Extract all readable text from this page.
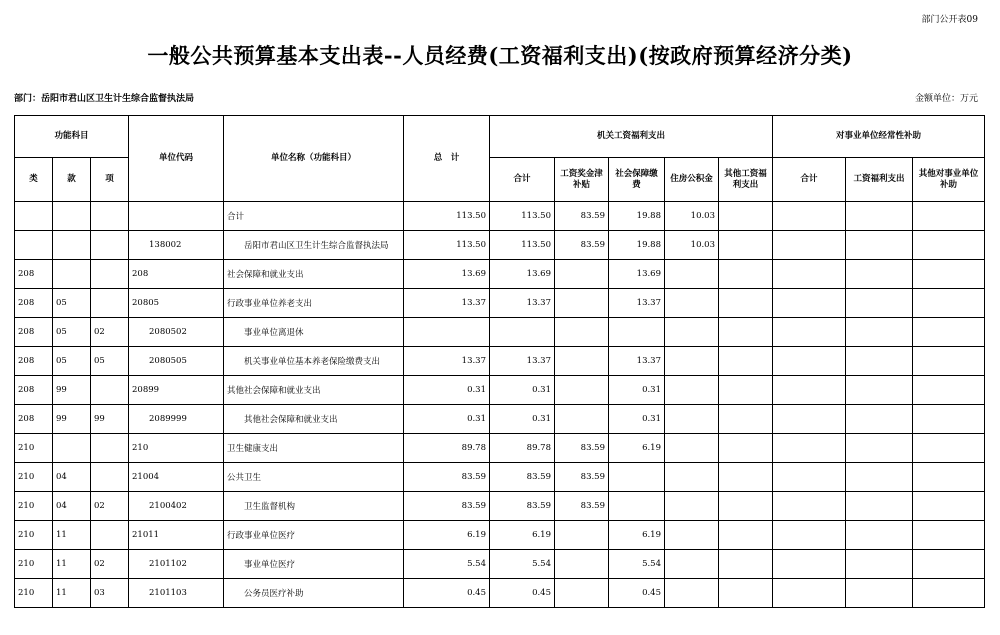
部门公开表09
一般公共预算基本支出表--人员经费(工资福利支出)(按政府预算经济分类)
部门：岳阳市君山区卫生计生综合监督执法局	金额单位：万元
功能科目			单位代码	单位名称（功能科目）	总　计	机关工资福利支出					对事业单位经常性补助		
类	款	项				合计	工资奖金津补贴	社会保障缴费	住房公积金	其他工资福利支出	合计	工资福利支出	其他对事业单位补助
				合计	113.50	113.50	83.59	19.88	10.03				
			138002	岳阳市君山区卫生计生综合监督执法局	113.50	113.50	83.59	19.88	10.03				
208			208	社会保障和就业支出	13.69	13.69		13.69					
208	05		20805	行政事业单位养老支出	13.37	13.37		13.37					
208	05	02	2080502	事业单位离退休									
208	05	05	2080505	机关事业单位基本养老保险缴费支出	13.37	13.37		13.37					
208	99		20899	其他社会保障和就业支出	0.31	0.31		0.31					
208	99	99	2089999	其他社会保障和就业支出	0.31	0.31		0.31					
210			210	卫生健康支出	89.78	89.78	83.59	6.19					
210	04		21004	公共卫生	83.59	83.59	83.59						
210	04	02	2100402	卫生监督机构	83.59	83.59	83.59						
210	11		21011	行政事业单位医疗	6.19	6.19		6.19					
210	11	02	2101102	事业单位医疗	5.54	5.54		5.54					
210	11	03	2101103	公务员医疗补助	0.45	0.45		0.45					
